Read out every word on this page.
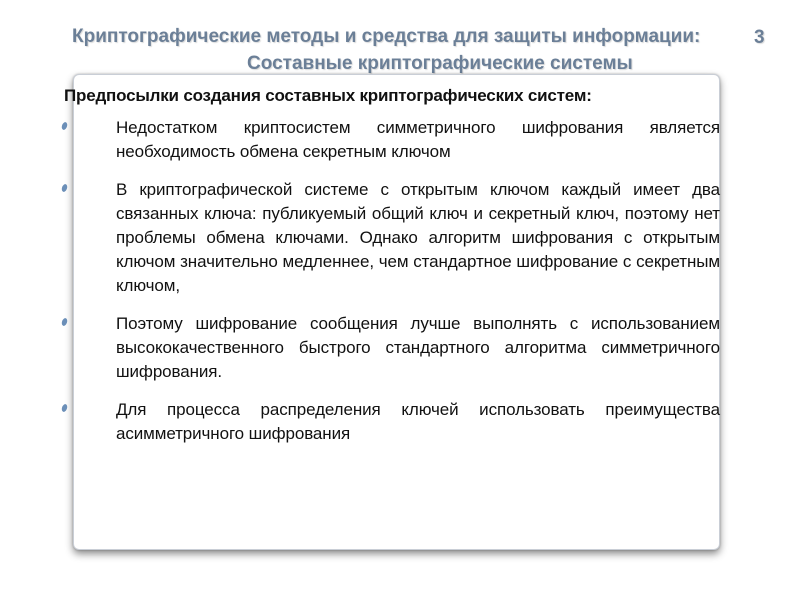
Криптографические методы и средства для защиты информации:
Составные криптографические системы
3
Предпосылки создания составных криптографических систем:
Недостатком криптосистем симметричного шифрования является необходимость обмена секретным ключом
В криптографической системе с открытым ключом каждый имеет два связанных ключа: публикуемый общий ключ и секретный ключ, поэтому нет проблемы обмена ключами. Однако алгоритм шифрования с открытым ключом значительно медленнее, чем стандартное шифрование с секретным ключом,
Поэтому шифрование сообщения лучше выполнять с использованием высококачественного быстрого стандартного алгоритма симметричного шифрования.
Для процесса распределения ключей использовать преимущества асимметричного шифрования
